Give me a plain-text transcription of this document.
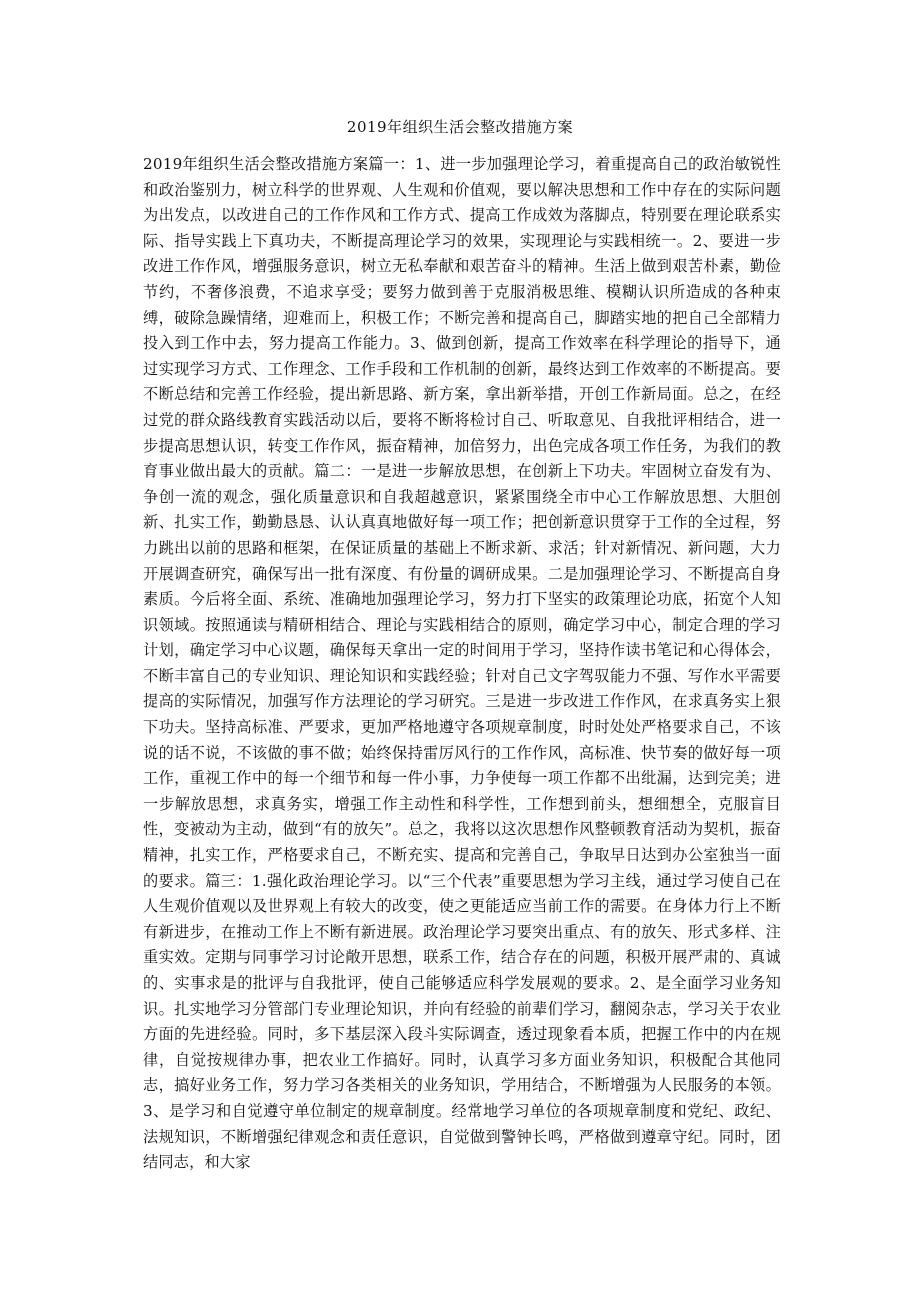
2019年组织生活会整改措施方案

2019年组织生活会整改措施方案篇一：1、进一步加强理论学习，着重提高自己的政治敏锐性和政治鉴别力，树立科学的世界观、人生观和价值观，要以解决思想和工作中存在的实际问题为出发点，以改进自己的工作作风和工作方式、提高工作成效为落脚点，特别要在理论联系实际、指导实践上下真功夫，不断提高理论学习的效果，实现理论与实践相统一。2、要进一步改进工作作风，增强服务意识，树立无私奉献和艰苦奋斗的精神。生活上做到艰苦朴素，勤俭节约，不奢侈浪费，不追求享受；要努力做到善于克服消极思维、模糊认识所造成的各种束缚，破除急躁情绪，迎难而上，积极工作；不断完善和提高自己，脚踏实地的把自己全部精力投入到工作中去，努力提高工作能力。3、做到创新，提高工作效率在科学理论的指导下，通过实现学习方式、工作理念、工作手段和工作机制的创新，最终达到工作效率的不断提高。要不断总结和完善工作经验，提出新思路、新方案，拿出新举措，开创工作新局面。总之，在经过党的群众路线教育实践活动以后，要将不断将检讨自己、听取意见、自我批评相结合，进一步提高思想认识，转变工作作风，振奋精神，加倍努力，出色完成各项工作任务，为我们的教育事业做出最大的贡献。篇二：一是进一步解放思想，在创新上下功夫。牢固树立奋发有为、争创一流的观念，强化质量意识和自我超越意识，紧紧围绕全市中心工作解放思想、大胆创新、扎实工作，勤勤恳恳、认认真真地做好每一项工作；把创新意识贯穿于工作的全过程，努力跳出以前的思路和框架，在保证质量的基础上不断求新、求活；针对新情况、新问题，大力开展调查研究，确保写出一批有深度、有份量的调研成果。二是加强理论学习、不断提高自身素质。今后将全面、系统、准确地加强理论学习，努力打下坚实的政策理论功底，拓宽个人知识领域。按照通读与精研相结合、理论与实践相结合的原则，确定学习中心，制定合理的学习计划，确定学习中心议题，确保每天拿出一定的时间用于学习，坚持作读书笔记和心得体会，不断丰富自己的专业知识、理论知识和实践经验；针对自己文字驾驭能力不强、写作水平需要提高的实际情况，加强写作方法理论的学习研究。三是进一步改进工作作风，在求真务实上狠下功夫。坚持高标准、严要求，更加严格地遵守各项规章制度，时时处处严格要求自己，不该说的话不说，不该做的事不做；始终保持雷厉风行的工作作风，高标准、快节奏的做好每一项工作，重视工作中的每一个细节和每一件小事，力争使每一项工作都不出纰漏，达到完美；进一步解放思想，求真务实，增强工作主动性和科学性，工作想到前头，想细想全，克服盲目性，变被动为主动，做到“有的放矢”。总之，我将以这次思想作风整顿教育活动为契机，振奋精神，扎实工作，严格要求自己，不断充实、提高和完善自己，争取早日达到办公室独当一面的要求。篇三：1.强化政治理论学习。以“三个代表”重要思想为学习主线，通过学习使自己在人生观价值观以及世界观上有较大的改变，使之更能适应当前工作的需要。在身体力行上不断有新进步，在推动工作上不断有新进展。政治理论学习要突出重点、有的放矢、形式多样、注重实效。定期与同事学习讨论敞开思想，联系工作，结合存在的问题，积极开展严肃的、真诚的、实事求是的批评与自我批评，使自己能够适应科学发展观的要求。2、是全面学习业务知识。扎实地学习分管部门专业理论知识，并向有经验的前辈们学习，翻阅杂志，学习关于农业方面的先进经验。同时，多下基层深入段斗实际调查，透过现象看本质，把握工作中的内在规律，自觉按规律办事，把农业工作搞好。同时，认真学习多方面业务知识，积极配合其他同志，搞好业务工作，努力学习各类相关的业务知识，学用结合，不断增强为人民服务的本领。3、是学习和自觉遵守单位制定的规章制度。经常地学习单位的各项规章制度和党纪、政纪、法规知识，不断增强纪律观念和责任意识，自觉做到警钟长鸣，严格做到遵章守纪。同时，团结同志，和大家
